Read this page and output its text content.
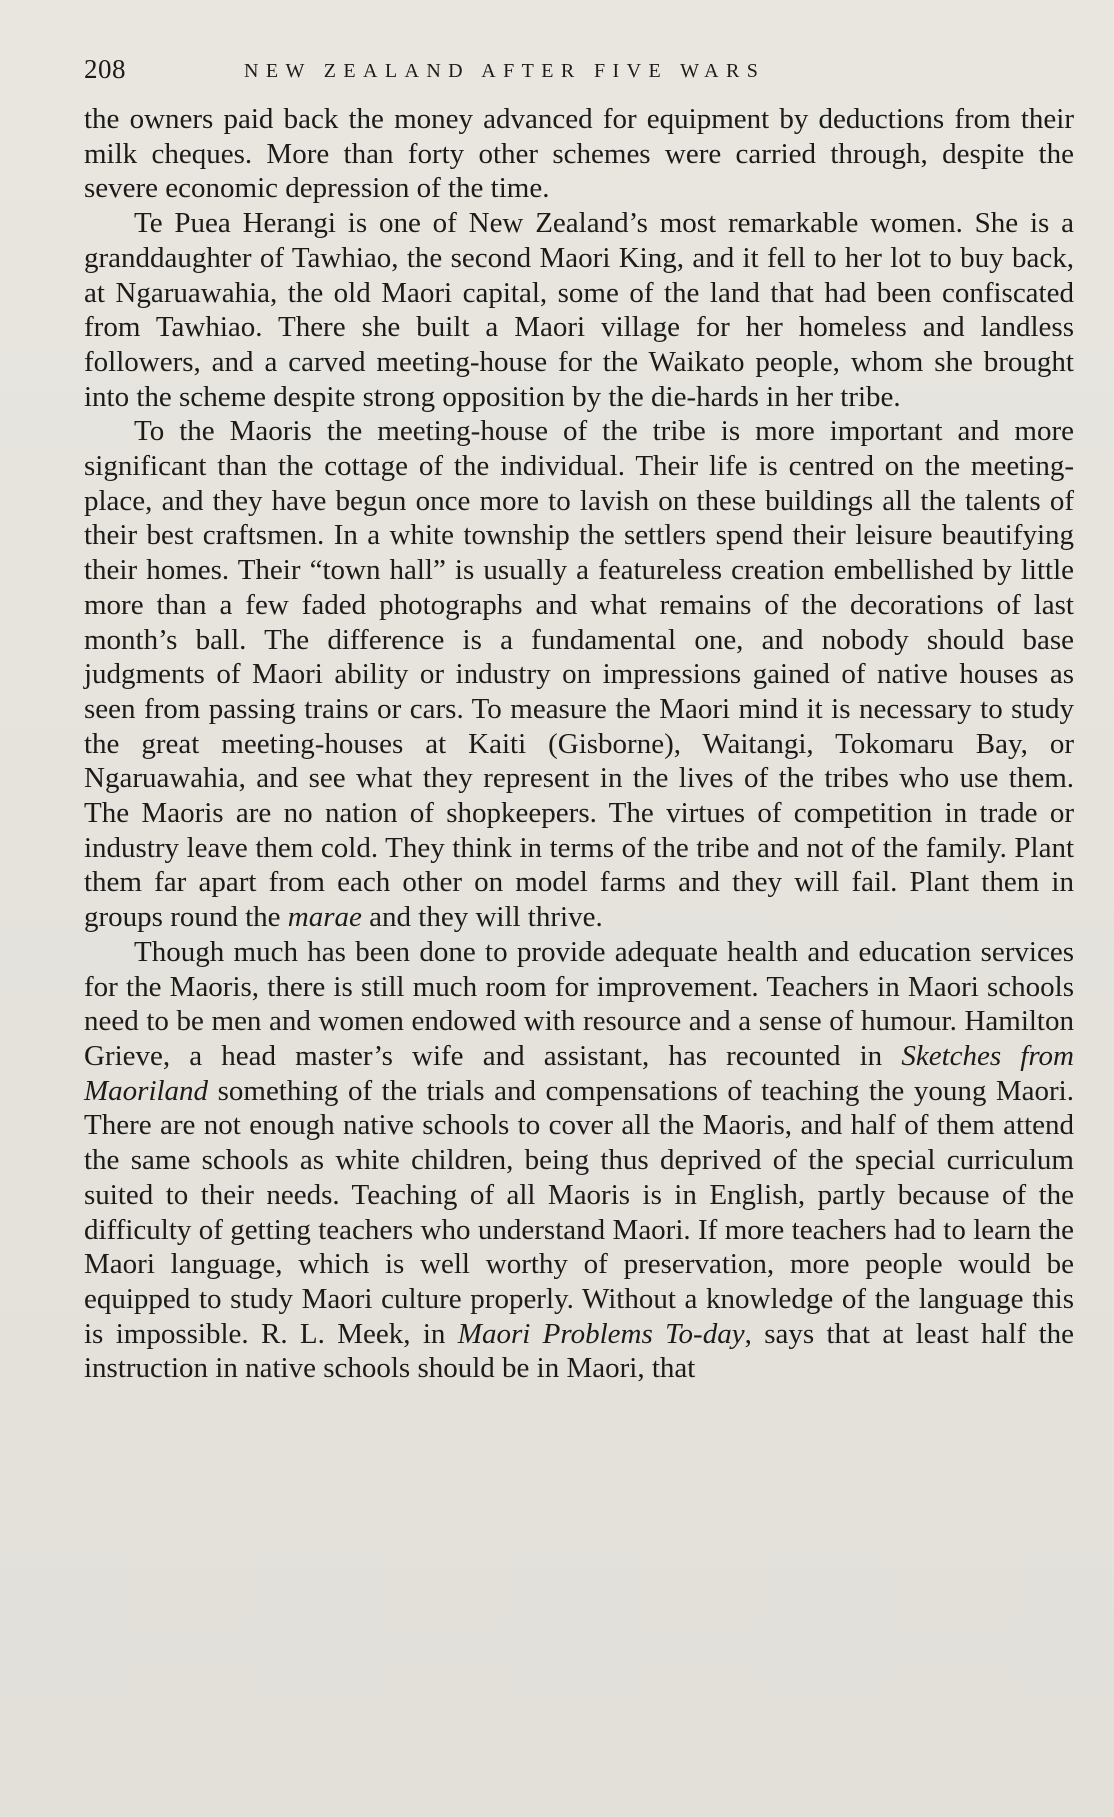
208	NEW ZEALAND AFTER FIVE WARS

the owners paid back the money advanced for equipment by deductions from their milk cheques. More than forty other schemes were carried through, despite the severe economic depression of the time.

Te Puea Herangi is one of New Zealand’s most remarkable women. She is a granddaughter of Tawhiao, the second Maori King, and it fell to her lot to buy back, at Ngaruawahia, the old Maori capital, some of the land that had been confiscated from Tawhiao. There she built a Maori village for her homeless and landless followers, and a carved meeting-house for the Waikato people, whom she brought into the scheme despite strong opposition by the die-hards in her tribe.

To the Maoris the meeting-house of the tribe is more important and more significant than the cottage of the individual. Their life is centred on the meeting-place, and they have begun once more to lavish on these buildings all the talents of their best craftsmen. In a white township the settlers spend their leisure beautifying their homes. Their “town hall” is usually a featureless creation embellished by little more than a few faded photographs and what remains of the decorations of last month’s ball. The difference is a fundamental one, and nobody should base judgments of Maori ability or industry on impressions gained of native houses as seen from passing trains or cars. To measure the Maori mind it is necessary to study the great meeting-houses at Kaiti (Gisborne), Waitangi, Tokomaru Bay, or Ngaruawahia, and see what they represent in the lives of the tribes who use them. The Maoris are no nation of shopkeepers. The virtues of competition in trade or industry leave them cold. They think in terms of the tribe and not of the family. Plant them far apart from each other on model farms and they will fail. Plant them in groups round the marae and they will thrive.

Though much has been done to provide adequate health and education services for the Maoris, there is still much room for improvement. Teachers in Maori schools need to be men and women endowed with resource and a sense of humour. Hamilton Grieve, a head master’s wife and assistant, has recounted in Sketches from Maoriland something of the trials and compensations of teaching the young Maori. There are not enough native schools to cover all the Maoris, and half of them attend the same schools as white children, being thus deprived of the special curriculum suited to their needs. Teaching of all Maoris is in English, partly because of the difficulty of getting teachers who understand Maori. If more teachers had to learn the Maori language, which is well worthy of preservation, more people would be equipped to study Maori culture properly. Without a knowledge of the language this is impossible. R. L. Meek, in Maori Problems To-day, says that at least half the instruction in native schools should be in Maori, that
